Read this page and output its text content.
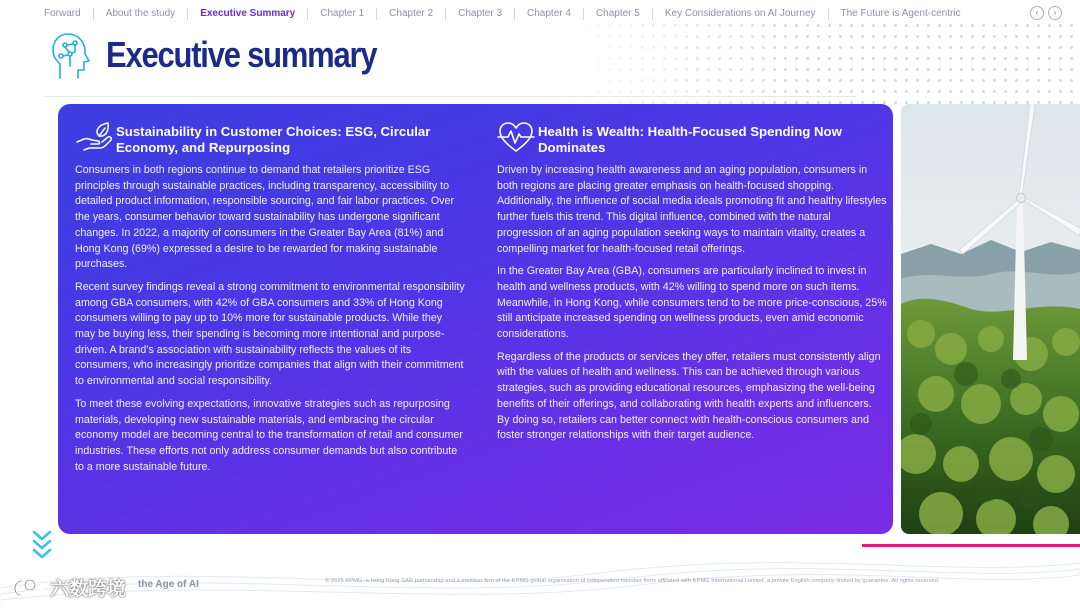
Forward	About the study	Executive Summary	Chapter 1	Chapter 2	Chapter 3	Chapter 4	Chapter 5	Key Considerations on AI Journey	The Future is Agent-centric	‹	›
Executive summary
Sustainability in Customer Choices: ESG, Circular Economy, and Repurposing

Consumers in both regions continue to demand that retailers prioritize ESG principles through sustainable practices, including transparency, accessibility to detailed product information, responsible sourcing, and fair labor practices. Over the years, consumer behavior toward sustainability has undergone significant changes. In 2022, a majority of consumers in the Greater Bay Area (81%) and Hong Kong (69%) expressed a desire to be rewarded for making sustainable purchases.

Recent survey findings reveal a strong commitment to environmental responsibility among GBA consumers, with 42% of GBA consumers and 33% of Hong Kong consumers willing to pay up to 10% more for sustainable products. While they may be buying less, their spending is becoming more intentional and purpose-driven. A brand’s association with sustainability reflects the values of its consumers, who increasingly prioritize companies that align with their commitment to environmental and social responsibility.

To meet these evolving expectations, innovative strategies such as repurposing materials, developing new sustainable materials, and embracing the circular economy model are becoming central to the transformation of retail and consumer industries. These efforts not only address consumer demands but also contribute to a more sustainable future.

Health is Wealth: Health-Focused Spending Now Dominates

Driven by increasing health awareness and an aging population, consumers in both regions are placing greater emphasis on health-focused shopping. Additionally, the influence of social media ideals promoting fit and healthy lifestyles further fuels this trend. This digital influence, combined with the natural progression of an aging population seeking ways to maintain vitality, creates a compelling market for health-focused retail offerings.

In the Greater Bay Area (GBA), consumers are particularly inclined to invest in health and wellness products, with 42% willing to spend more on such items. Meanwhile, in Hong Kong, while consumers tend to be more price-conscious, 25% still anticipate increased spending on wellness products, even amid economic considerations.

Regardless of the products or services they offer, retailers must consistently align with the values of health and wellness. This can be achieved through various strategies, such as providing educational resources, emphasizing the well-being benefits of their offerings, and collaborating with health experts and influencers. By doing so, retailers can better connect with health-conscious consumers and foster stronger relationships with their target audience.

the Age of AI	© 2025 KPMG, a Hong Kong SAR partnership and a member firm of the KPMG global organisation of independent member firms affiliated with KPMG International Limited, a private English company limited by guarantee. All rights reserved.
六数跨境
